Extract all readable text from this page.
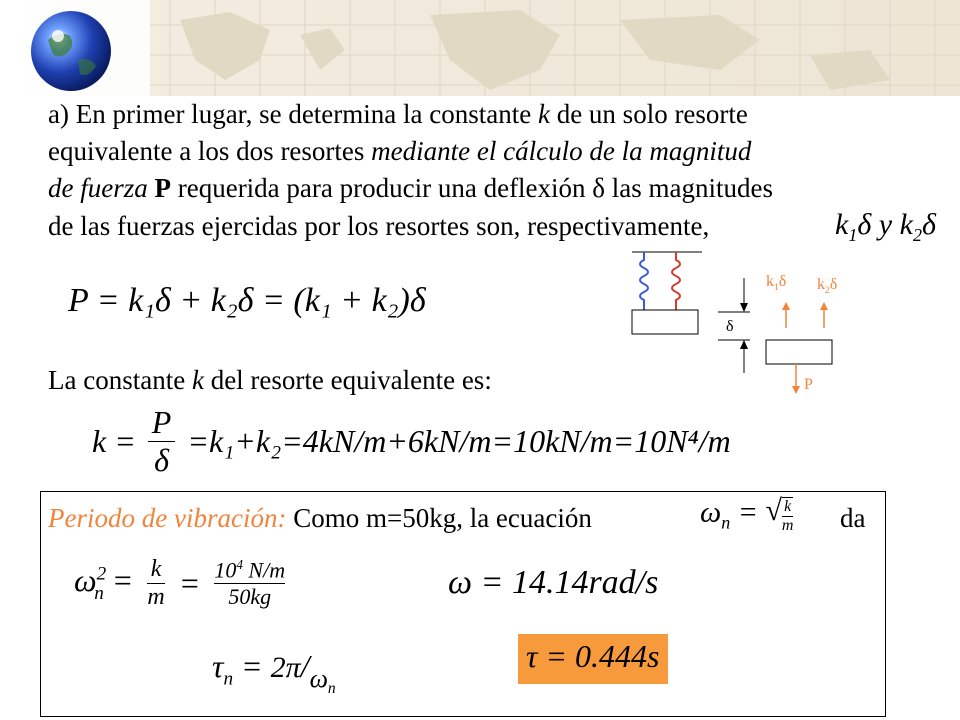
a) En primer lugar, se determina la constante k de un solo resorte
equivalente a los dos resortes mediante el cálculo de la magnitud
de fuerza P requerida para producir una deflexión δ las magnitudes
de las fuerzas ejercidas por los resortes son, respectivamente,	$k_1\delta$ y $k_2\delta$
P = k₁δ + k₂δ = (k₁ + k₂)δ
$k_1\delta$ $k_2\delta$
δ
P
La constante k del resorte equivalente es:
$k = \frac{P}{\delta} =k_1+k_2=4kN/m+6kN/m=10kN/m=10N^4/m$
Periodo de vibración: Como m=50kg, la ecuación	$\omega_n$ = √ $\frac{k}{m}$ da
$\omega^2_n = \frac{k}{m} = \frac{10^4 N/m}{50kg}$	ω = 14.14rad/s
$\tau_n = 2\pi/_{\omega_n}$
τ = 0.444s
